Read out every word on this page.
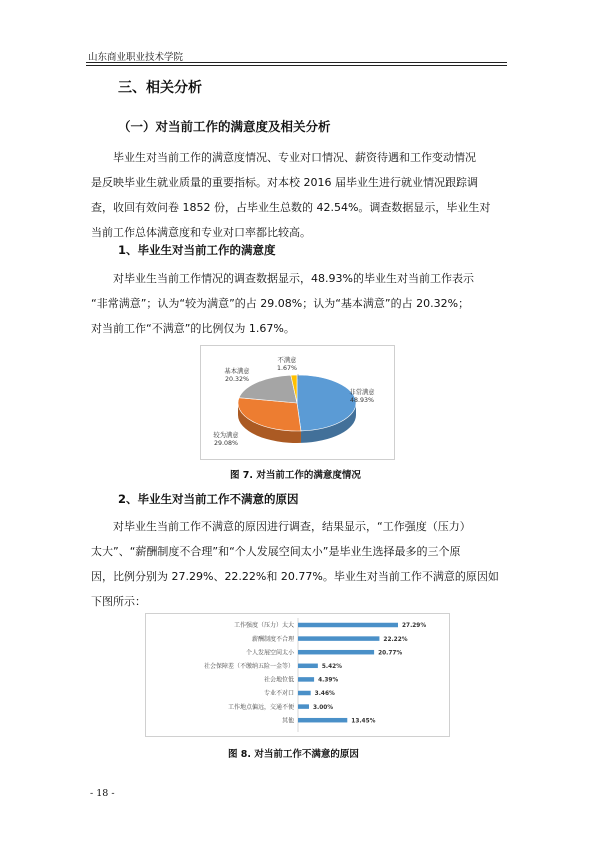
山东商业职业技术学院
三、相关分析
（一）对当前工作的满意度及相关分析
毕业生对当前工作的满意度情况、专业对口情况、薪资待遇和工作变动情况
是反映毕业生就业质量的重要指标。对本校 2016 届毕业生进行就业情况跟踪调
查，收回有效问卷 1852 份，占毕业生总数的 42.54%。调查数据显示，毕业生对
当前工作总体满意度和专业对口率都比较高。
1、毕业生对当前工作的满意度
对毕业生当前工作情况的调查数据显示，48.93%的毕业生对当前工作表示
“非常满意”；认为“较为满意”的占 29.08%；认为“基本满意”的占 20.32%；
对当前工作“不满意”的比例仅为 1.67%。
非常满意
48.93%
较为满意
29.08%
基本满意
20.32%
不满意
1.67%
图 7. 对当前工作的满意度情况
2、毕业生对当前工作不满意的原因
对毕业生当前工作不满意的原因进行调查，结果显示，“工作强度（压力）
太大”、“薪酬制度不合理”和“个人发展空间太小”是毕业生选择最多的三个原
因，比例分别为 27.29%、22.22%和 20.77%。毕业生对当前工作不满意的原因如
下图所示：
工作强度（压力）太大	27.29%
薪酬制度不合理	22.22%
个人发展空间太小	20.77%
社会保障差（不缴纳五险一金等）	5.42%
社会地位低	4.39%
专业不对口	3.46%
工作地点偏远，交通不便	3.00%
其他	13.45%
图 8. 对当前工作不满意的原因
- 18 -
